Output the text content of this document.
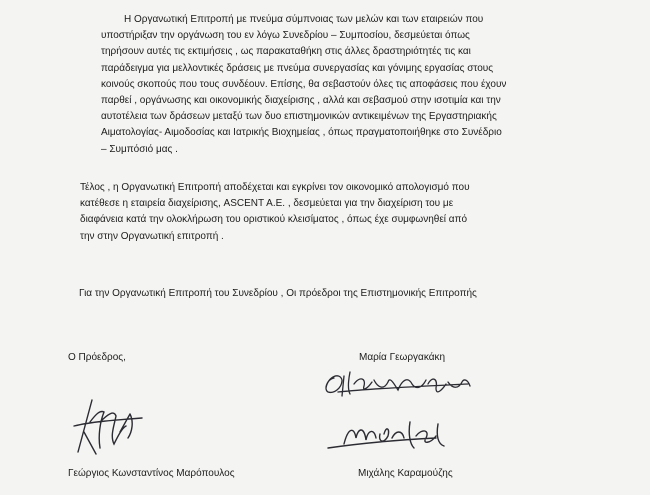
Η Οργανωτική Επιτροπή με πνεύμα σύμπνοιας των μελών και των εταιρειών που
υποστήριξαν την οργάνωση του εν λόγω Συνεδρίου – Συμποσίου, δεσμεύεται όπως
τηρήσουν αυτές τις εκτιμήσεις , ως παρακαταθήκη στις άλλες δραστηριότητές τις και
παράδειγμα για μελλοντικές δράσεις με πνεύμα συνεργασίας και γόνιμης εργασίας στους
κοινούς σκοπούς που τους συνδέουν. Επίσης, θα σεβαστούν όλες τις αποφάσεις που έχουν
παρθεί , οργάνωσης και οικονομικής διαχείρισης , αλλά και σεβασμού στην ισοτιμία και την
αυτοτέλεια των δράσεων μεταξύ των δυο επιστημονικών αντικειμένων της Εργαστηριακής
Αιματολογίας- Αιμοδοσίας και Ιατρικής Βιοχημείας , όπως πραγματοποιήθηκε στο Συνέδριο
– Συμπόσιό μας .
Τέλος , η Οργανωτική Επιτροπή αποδέχεται και εγκρίνει τον οικονομικό απολογισμό που
κατέθεσε η εταιρεία διαχείρισης, ASCENT A.E. , δεσμεύεται για την διαχείριση του με
διαφάνεια κατά την ολοκλήρωση του οριστικού κλεισίματος , όπως έχε συμφωνηθεί από
την στην Οργανωτική επιτροπή .
Για την Οργανωτική Επιτροπή του Συνεδρίου , Οι πρόεδροι της Επιστημονικής Επιτροπής
Ο Πρόεδρος,	Μαρία Γεωργακάκη
Γεώργιος Κωνσταντίνος Μαρόπουλος	Μιχάλης Καραμούζης
